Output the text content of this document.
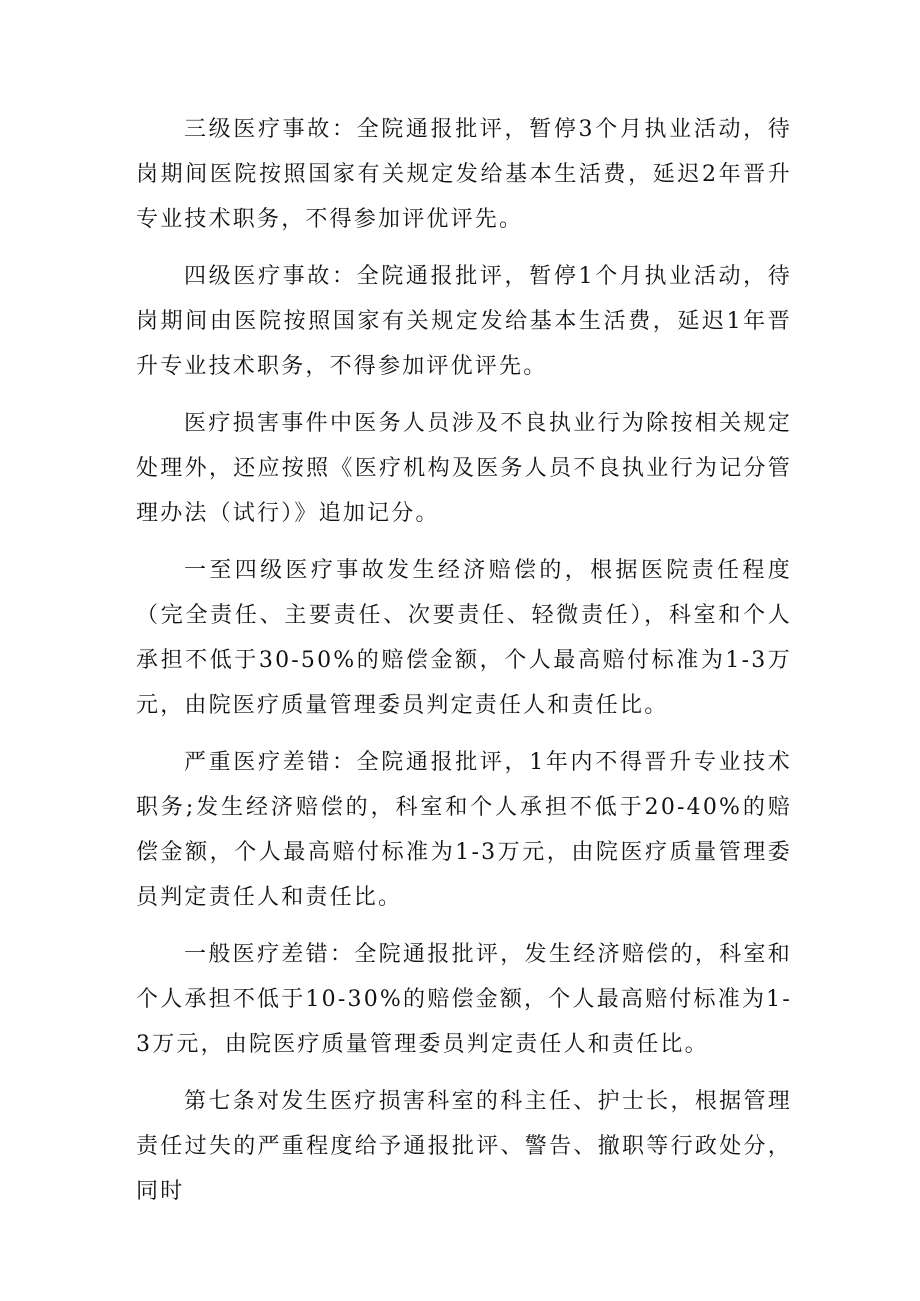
三级医疗事故：全院通报批评，暂停3个月执业活动，待岗期间医院按照国家有关规定发给基本生活费，延迟2年晋升专业技术职务，不得参加评优评先。

四级医疗事故：全院通报批评，暂停1个月执业活动，待岗期间由医院按照国家有关规定发给基本生活费，延迟1年晋升专业技术职务，不得参加评优评先。

医疗损害事件中医务人员涉及不良执业行为除按相关规定处理外，还应按照《医疗机构及医务人员不良执业行为记分管理办法（试行）》追加记分。

一至四级医疗事故发生经济赔偿的，根据医院责任程度（完全责任、主要责任、次要责任、轻微责任），科室和个人承担不低于30-50%的赔偿金额，个人最高赔付标准为1-3万元，由院医疗质量管理委员判定责任人和责任比。

严重医疗差错：全院通报批评，1年内不得晋升专业技术职务;发生经济赔偿的，科室和个人承担不低于20-40%的赔偿金额，个人最高赔付标准为1-3万元，由院医疗质量管理委员判定责任人和责任比。

一般医疗差错：全院通报批评，发生经济赔偿的，科室和个人承担不低于10-30%的赔偿金额，个人最高赔付标准为1-3万元，由院医疗质量管理委员判定责任人和责任比。

第七条对发生医疗损害科室的科主任、护士长，根据管理责任过失的严重程度给予通报批评、警告、撤职等行政处分，同时
